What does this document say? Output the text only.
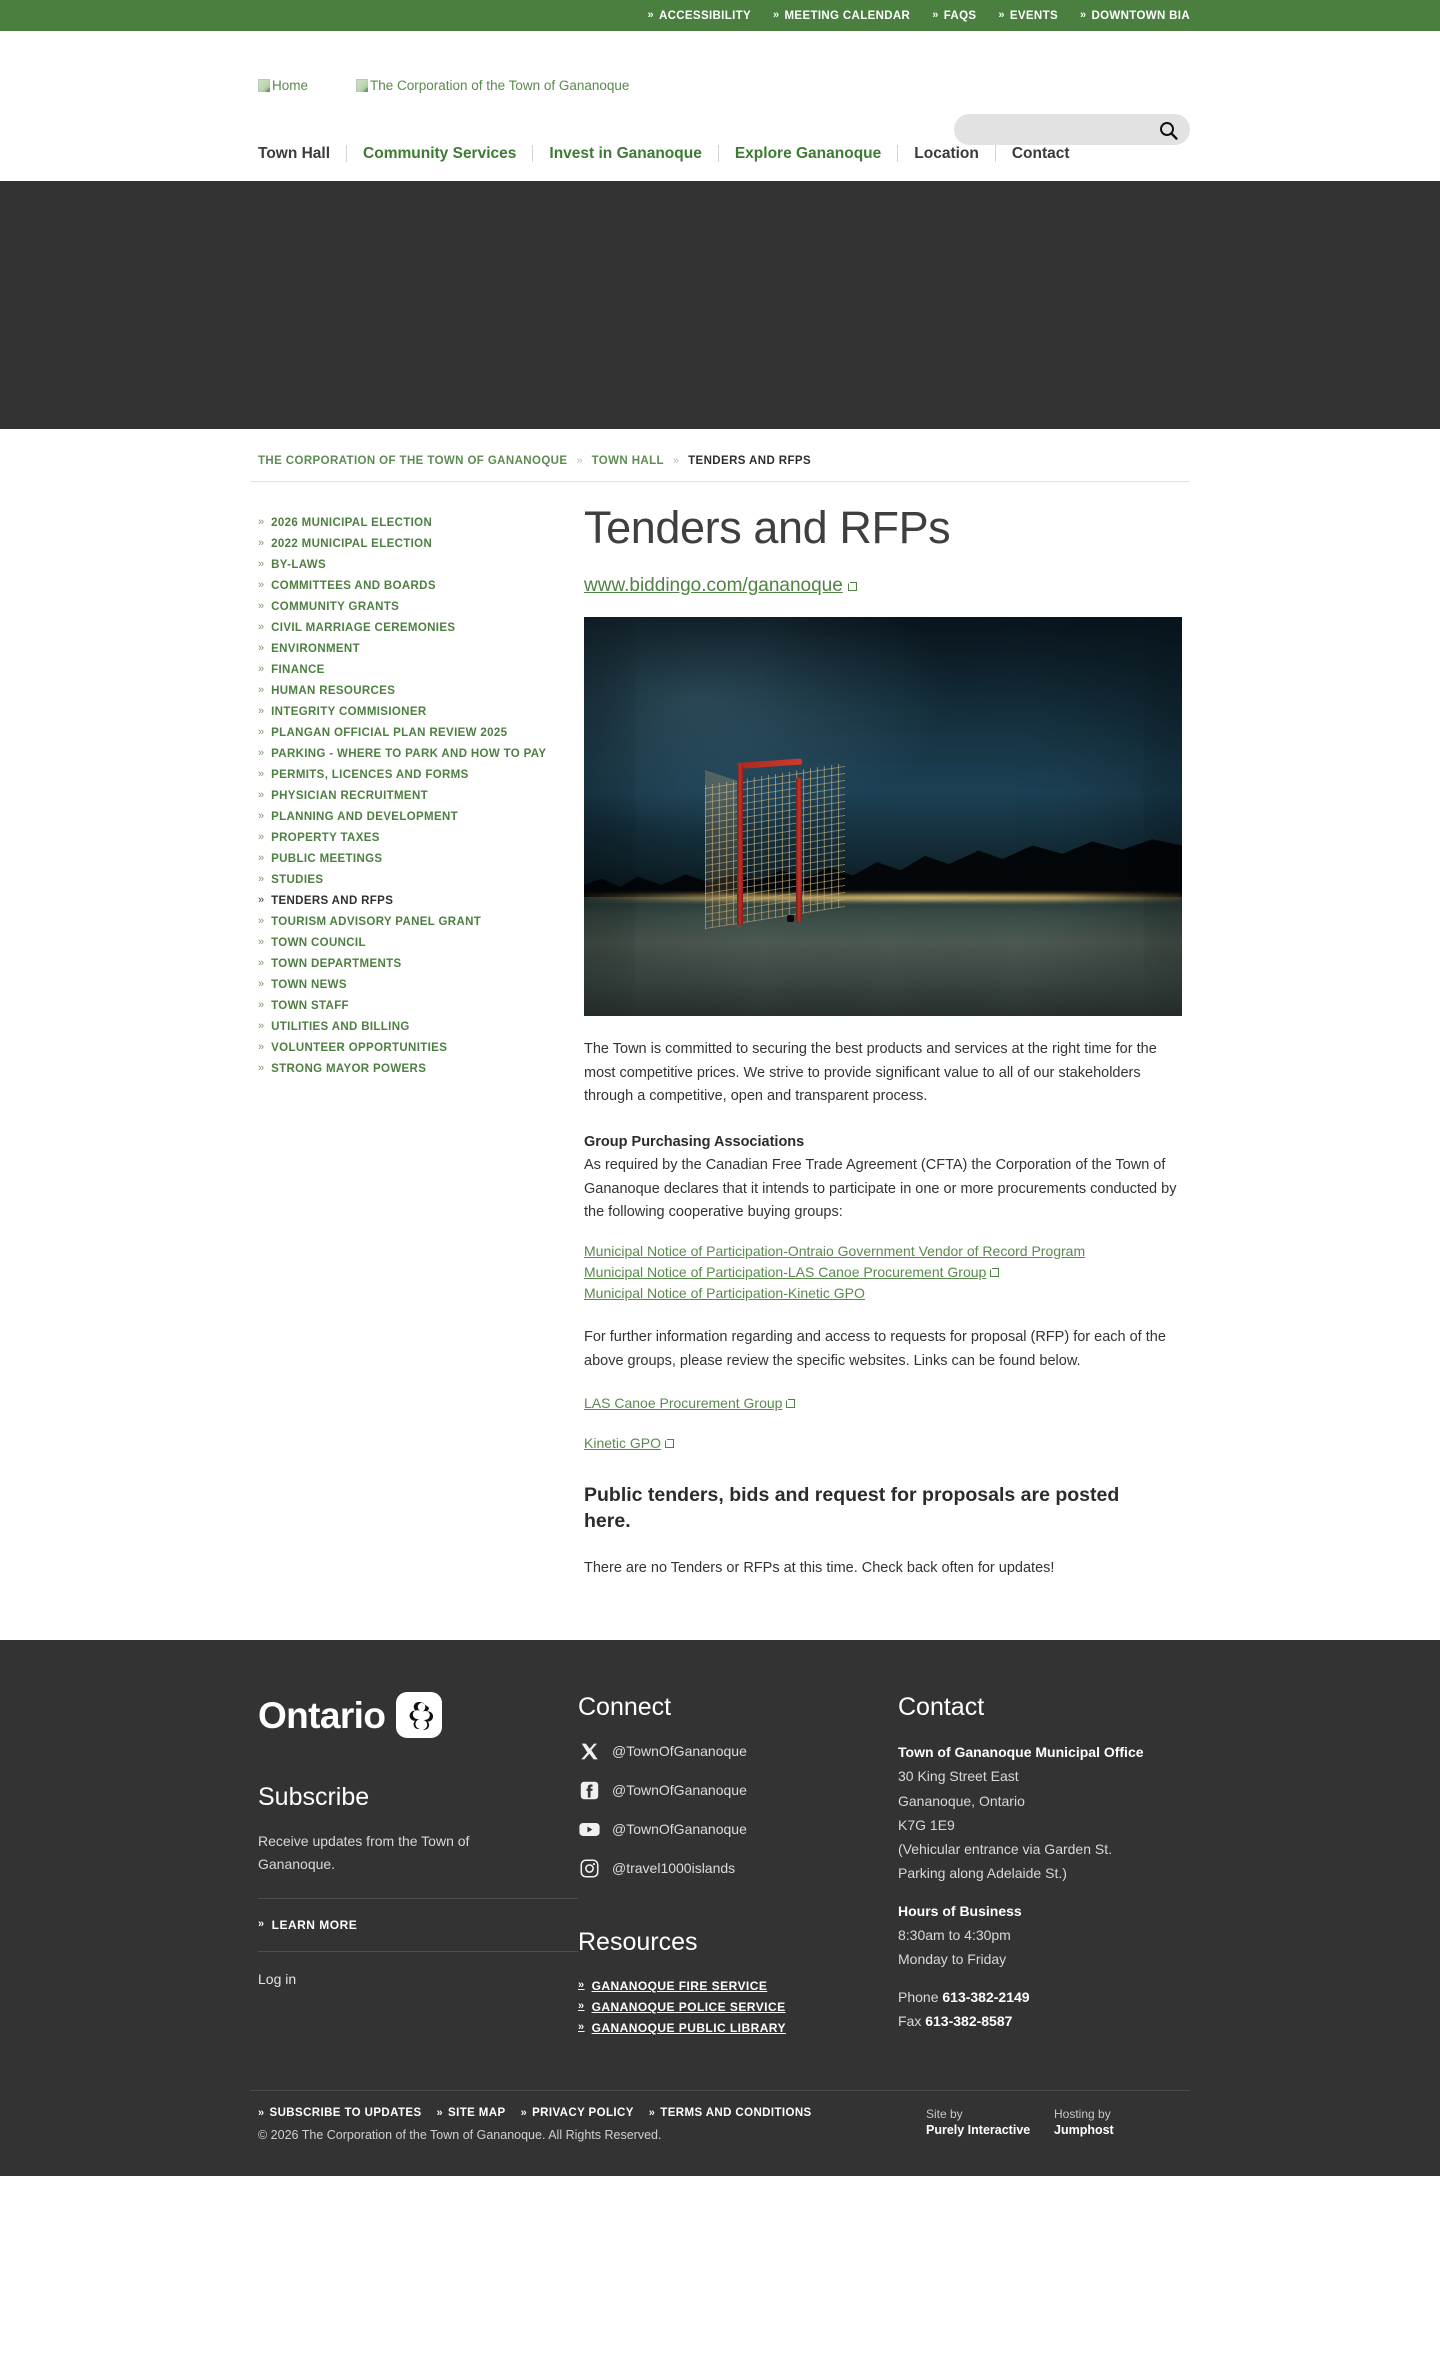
» ACCESSIBILITY » MEETING CALENDAR » FAQS » EVENTS » DOWNTOWN BIA
Home	The Corporation of the Town of Gananoque
Town Hall	Community Services	Invest in Gananoque	Explore Gananoque	Location	Contact
THE CORPORATION OF THE TOWN OF GANANOQUE » TOWN HALL » TENDERS AND RFPS
» 2026 MUNICIPAL ELECTION
» 2022 MUNICIPAL ELECTION
» BY-LAWS
» COMMITTEES AND BOARDS
» COMMUNITY GRANTS
» CIVIL MARRIAGE CEREMONIES
» ENVIRONMENT
» FINANCE
» HUMAN RESOURCES
» INTEGRITY COMMISIONER
» PLANGAN OFFICIAL PLAN REVIEW 2025
» PARKING - WHERE TO PARK AND HOW TO PAY
» PERMITS, LICENCES AND FORMS
» PHYSICIAN RECRUITMENT
» PLANNING AND DEVELOPMENT
» PROPERTY TAXES
» PUBLIC MEETINGS
» STUDIES
» TENDERS AND RFPS
» TOURISM ADVISORY PANEL GRANT
» TOWN COUNCIL
» TOWN DEPARTMENTS
» TOWN NEWS
» TOWN STAFF
» UTILITIES AND BILLING
» VOLUNTEER OPPORTUNITIES
» STRONG MAYOR POWERS
Tenders and RFPs
www.biddingo.com/gananoque

The Town is committed to securing the best products and services at the right time for the most competitive prices. We strive to provide significant value to all of our stakeholders through a competitive, open and transparent process.

Group Purchasing Associations

As required by the Canadian Free Trade Agreement (CFTA) the Corporation of the Town of Gananoque declares that it intends to participate in one or more procurements conducted by the following cooperative buying groups:

Municipal Notice of Participation-Ontraio Government Vendor of Record Program
Municipal Notice of Participation-LAS Canoe Procurement Group
Municipal Notice of Participation-Kinetic GPO

For further information regarding and access to requests for proposal (RFP) for each of the above groups, please review the specific websites. Links can be found below.

LAS Canoe Procurement Group

Kinetic GPO

Public tenders, bids and request for proposals are posted here.

There are no Tenders or RFPs at this time. Check back often for updates!

Ontario
Subscribe

Receive updates from the Town of Gananoque.

» LEARN MORE
Log in
Connect
@TownOfGananoque
@TownOfGananoque
@TownOfGananoque
@travel1000islands
Resources
» GANANOQUE FIRE SERVICE
» GANANOQUE POLICE SERVICE
» GANANOQUE PUBLIC LIBRARY
Contact
Town of Gananoque Municipal Office
30 King Street East
Gananoque, Ontario
K7G 1E9
(Vehicular entrance via Garden St.
Parking along Adelaide St.)
Hours of Business
8:30am to 4:30pm
Monday to Friday
Phone 613-382-2149
Fax 613-382-8587
» SUBSCRIBE TO UPDATES » SITE MAP » PRIVACY POLICY » TERMS AND CONDITIONS
© 2026 The Corporation of the Town of Gananoque. All Rights Reserved.
Site by
Purely Interactive
Hosting by
Jumphost
